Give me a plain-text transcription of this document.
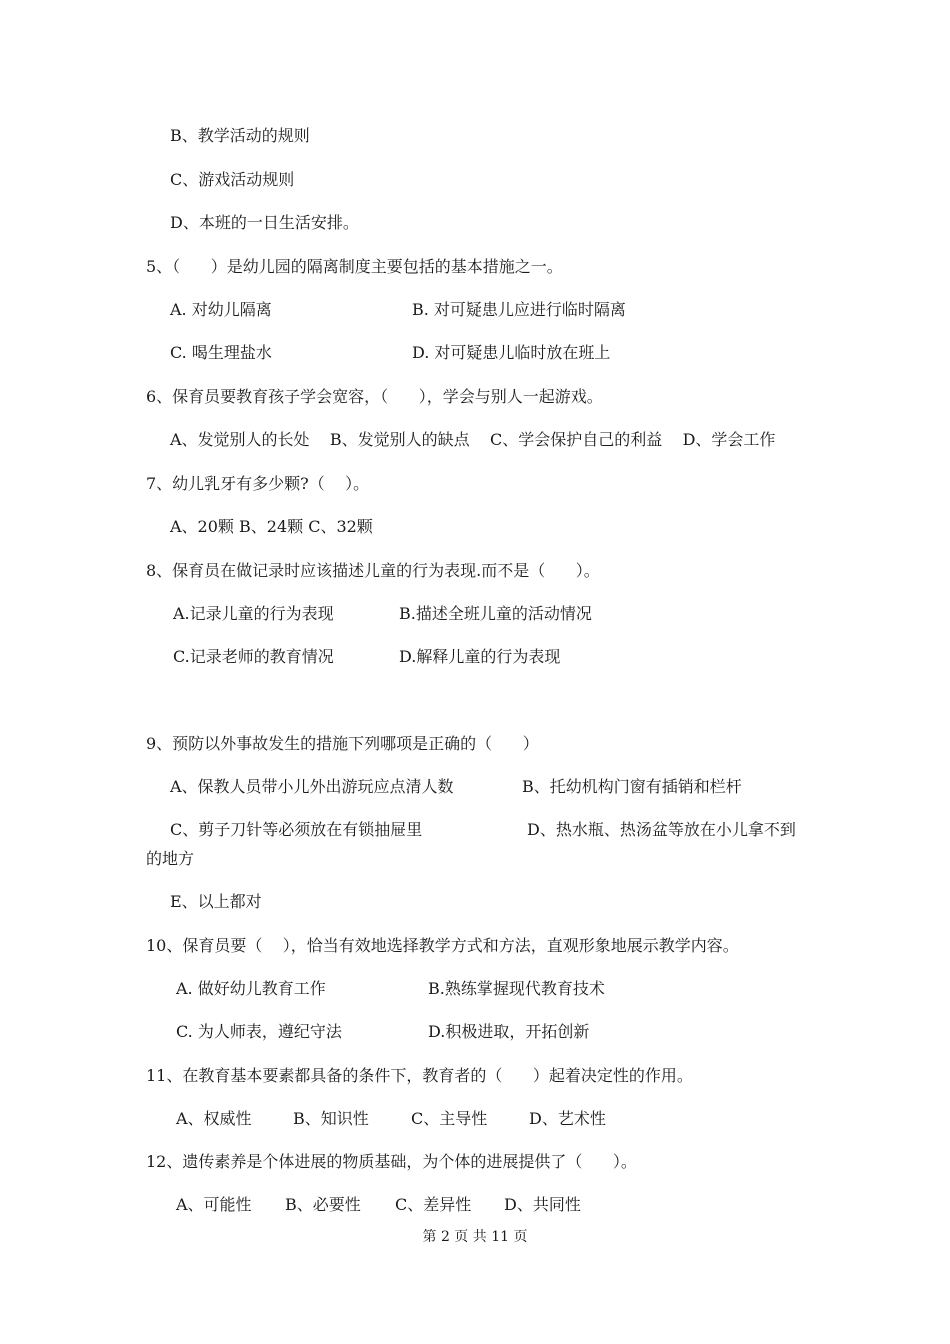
B、教学活动的规则
C、游戏活动规则
D、本班的一日生活安排。
5、（      ）是幼儿园的隔离制度主要包括的基本措施之一。
A. 对幼儿隔离	B. 对可疑患儿应进行临时隔离
C. 喝生理盐水	D. 对可疑患儿临时放在班上
6、保育员要教育孩子学会宽容，（      ），学会与别人一起游戏。
A、发觉别人的长处    B、发觉别人的缺点    C、学会保护自己的利益    D、学会工作
7、幼儿乳牙有多少颗?（    ）。
A、20颗 B、24颗 C、32颗
8、保育员在做记录时应该描述儿童的行为表现.而不是（      ）。
A.记录儿童的行为表现	B.描述全班儿童的活动情况
C.记录老师的教育情况	D.解释儿童的行为表现
9、预防以外事故发生的措施下列哪项是正确的（      ）
A、保教人员带小儿外出游玩应点清人数	B、托幼机构门窗有插销和栏杆
C、剪子刀针等必须放在有锁抽屉里	D、热水瓶、热汤盆等放在小儿拿不到
的地方
E、以上都对
10、保育员要（    ），恰当有效地选择教学方式和方法，直观形象地展示教学内容。
A. 做好幼儿教育工作	B.熟练掌握现代教育技术
C. 为人师表，遵纪守法	D.积极进取，开拓创新
11、在教育基本要素都具备的条件下，教育者的（      ）起着决定性的作用。
A、权威性	B、知识性	C、主导性	D、艺术性
12、遗传素养是个体进展的物质基础，为个体的进展提供了（      ）。
A、可能性 B、必要性 C、差异性 D、共同性
第 2 页 共 11 页
